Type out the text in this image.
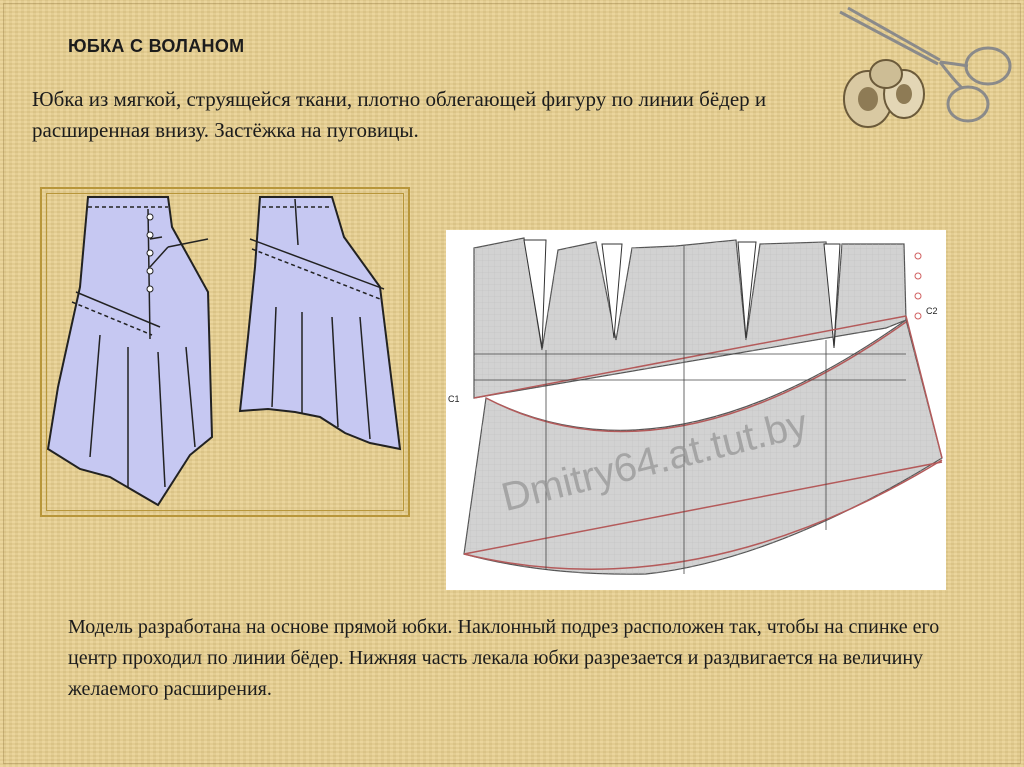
ЮБКА С ВОЛАНОМ
Юбка из мягкой, струящейся ткани, плотно облегающей фигуру по линии бёдер и расширенная внизу. Застёжка на пуговицы.
C1
C2
Dmitry64.at.tut.by
Модель разработана на основе прямой юбки. Наклонный подрез расположен так, чтобы на спинке его центр проходил по линии бёдер. Нижняя часть лекала юбки разрезается и раздвигается на величину желаемого расширения.
